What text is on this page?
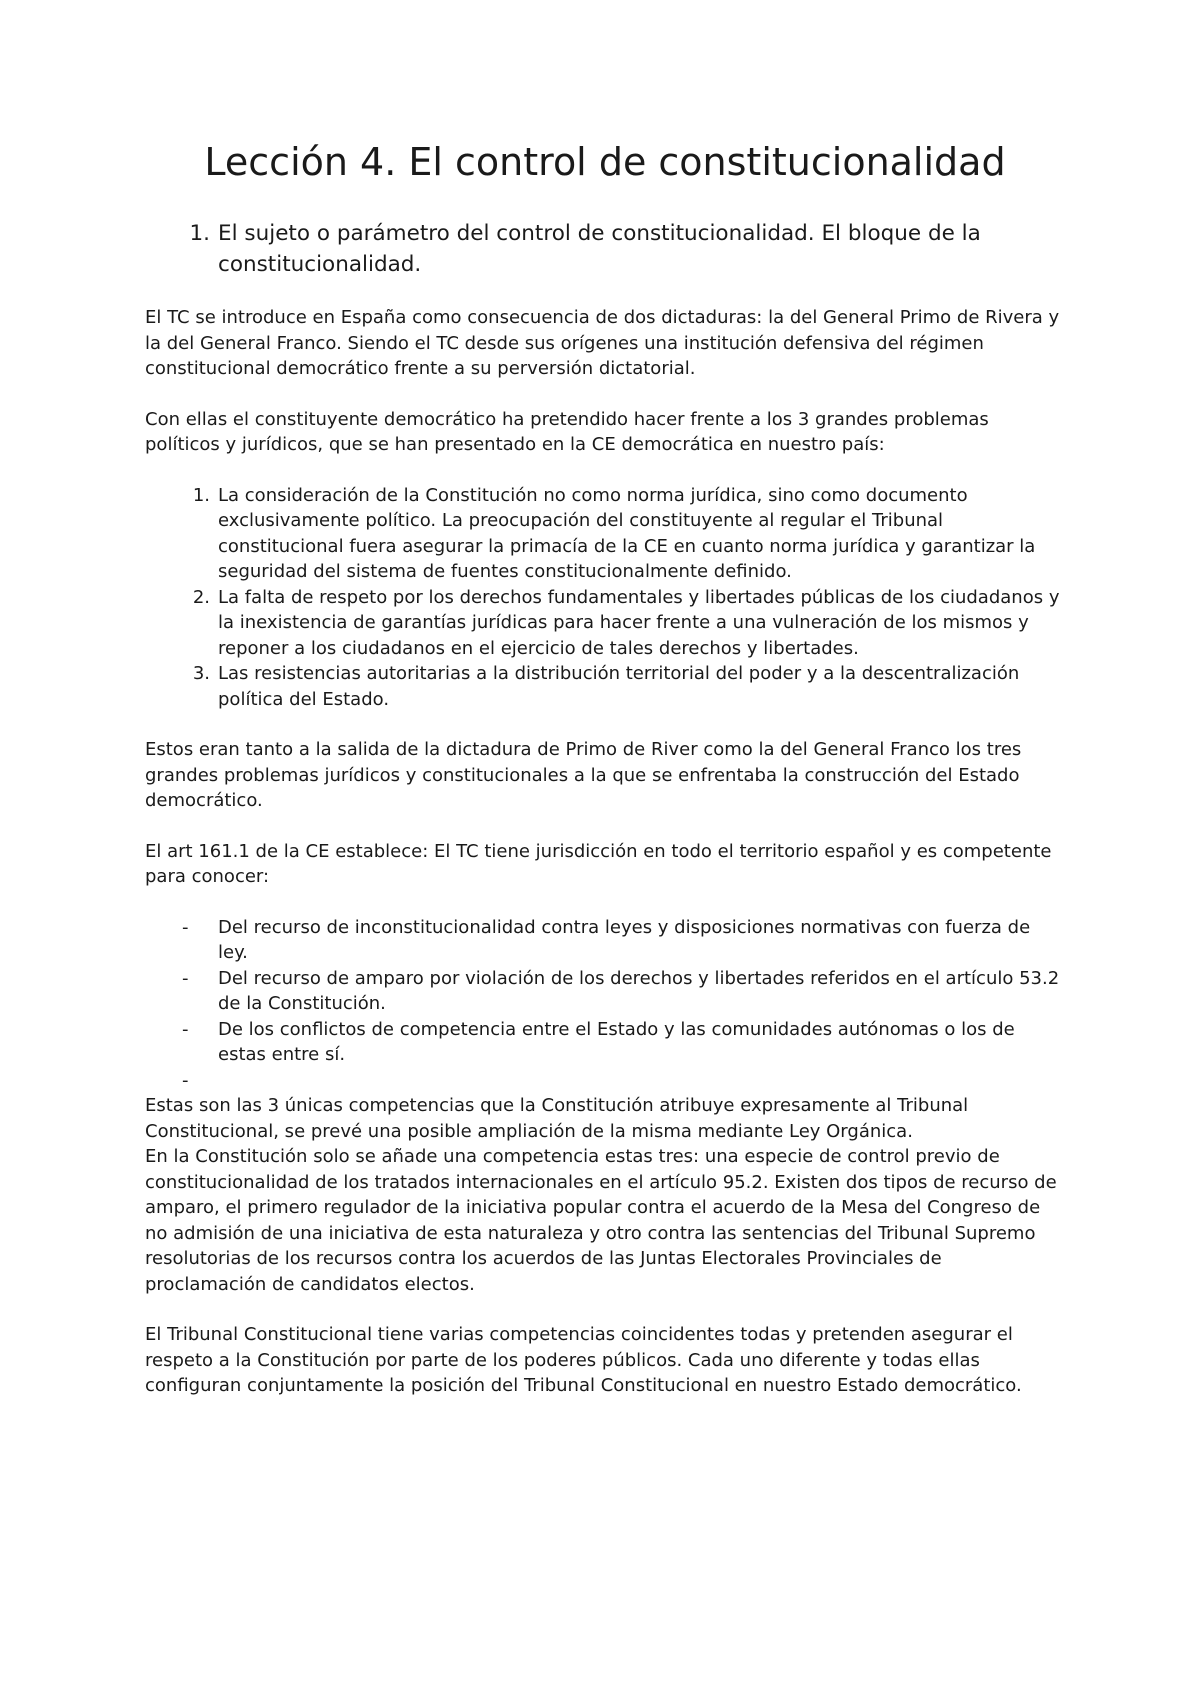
Lección 4. El control de constitucionalidad
1. El sujeto o parámetro del control de constitucionalidad. El bloque de la constitucionalidad.

El TC se introduce en España como consecuencia de dos dictaduras: la del General Primo de Rivera y la del General Franco. Siendo el TC desde sus orígenes una institución defensiva del régimen constitucional democrático frente a su perversión dictatorial.

Con ellas el constituyente democrático ha pretendido hacer frente a los 3 grandes problemas políticos y jurídicos, que se han presentado en la CE democrática en nuestro país:

1. La consideración de la Constitución no como norma jurídica, sino como documento exclusivamente político. La preocupación del constituyente al regular el Tribunal constitucional fuera asegurar la primacía de la CE en cuanto norma jurídica y garantizar la seguridad del sistema de fuentes constitucionalmente definido.
2. La falta de respeto por los derechos fundamentales y libertades públicas de los ciudadanos y la inexistencia de garantías jurídicas para hacer frente a una vulneración de los mismos y reponer a los ciudadanos en el ejercicio de tales derechos y libertades.
3. Las resistencias autoritarias a la distribución territorial del poder y a la descentralización política del Estado.

Estos eran tanto a la salida de la dictadura de Primo de River como la del General Franco los tres grandes problemas jurídicos y constitucionales a la que se enfrentaba la construcción del Estado democrático.

El art 161.1 de la CE establece: El TC tiene jurisdicción en todo el territorio español y es competente para conocer:

-	Del recurso de inconstitucionalidad contra leyes y disposiciones normativas con fuerza de ley.
-	Del recurso de amparo por violación de los derechos y libertades referidos en el artículo 53.2 de la Constitución.
-	De los conflictos de competencia entre el Estado y las comunidades autónomas o los de estas entre sí.
-

Estas son las 3 únicas competencias que la Constitución atribuye expresamente al Tribunal Constitucional, se prevé una posible ampliación de la misma mediante Ley Orgánica.

En la Constitución solo se añade una competencia estas tres: una especie de control previo de constitucionalidad de los tratados internacionales en el artículo 95.2. Existen dos tipos de recurso de amparo, el primero regulador de la iniciativa popular contra el acuerdo de la Mesa del Congreso de no admisión de una iniciativa de esta naturaleza y otro contra las sentencias del Tribunal Supremo resolutorias de los recursos contra los acuerdos de las Juntas Electorales Provinciales de proclamación de candidatos electos.

El Tribunal Constitucional tiene varias competencias coincidentes todas y pretenden asegurar el respeto a la Constitución por parte de los poderes públicos. Cada uno diferente y todas ellas configuran conjuntamente la posición del Tribunal Constitucional en nuestro Estado democrático.
